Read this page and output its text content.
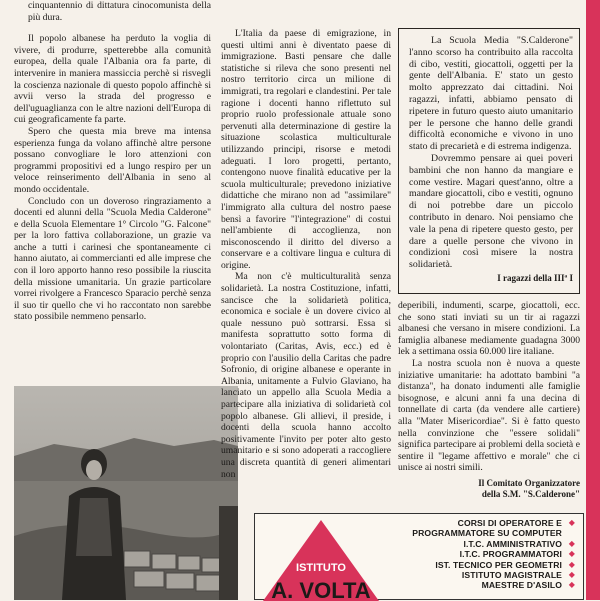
cinquantennio di dittatura cinocomunista della più dura.

Il popolo albanese ha perduto la voglia di vivere, di produrre, spetterebbe alla comunità europea, della quale l'Albania ora fa parte, di intervenire in maniera massiccia perchè si risvegli la coscienza nazionale di questo popolo affinchè si avvii verso la strada del progresso e dell'uguaglianza con le altre nazioni dell'Europa di cui geograficamente fa parte.

Spero che questa mia breve ma intensa esperienza funga da volano affinchè altre persone possano convogliare le loro attenzioni con programmi propositivi ed a lungo respiro per un veloce reinserimento dell'Albania in seno al mondo occidentale.

Concludo con un doveroso ringraziamento a docenti ed alunni della "Scuola Media Calderone" e della Scuola Elementare 1° Circolo "G. Falcone" per la loro fattiva collaborazione, un grazie va anche a tutti i carinesi che spontaneamente ci hanno aiutato, ai commercianti ed alle imprese che con il loro apporto hanno reso possibile la riuscita della missione umanitaria. Un grazie particolare vorrei rivolgere a Francesco Sparacio perchè senza il suo tir quello che vi ho raccontato non sarebbe stato possibile nemmeno pensarlo.

L'Italia da paese di emigrazione, in questi ultimi anni è diventato paese di immigrazione. Basti pensare che dalle statistiche si rileva che sono presenti nel nostro territorio circa un milione di immigrati, tra regolari e clandestini. Per tale ragione i docenti hanno riflettuto sul proprio ruolo professionale attuale sono pervenuti alla determinazione di gestire la situazione scolastica multiculturale utilizzando principi, risorse e metodi adeguati. I loro progetti, pertanto, contengono nuove finalità educative per la scuola multiculturale; prevedono iniziative didattiche che mirano non ad "assimilare" l'immigrato alla cultura del nostro paese bensì a favorire "l'integrazione" di costui nell'ambiente di accoglienza, non misconoscendo il diritto del diverso a conservare e a coltivare lingua e cultura di origine.

Ma non c'è multiculturalità senza solidarietà. La nostra Costituzione, infatti, sancisce che la solidarietà politica, economica e sociale è un dovere civico al quale nessuno può sottrarsi. Essa si manifesta soprattutto sotto forma di volontariato (Caritas, Avis, ecc.) ed è proprio con l'ausilio della Caritas che padre Sofronio, di origine albanese e operante in Albania, unitamente a Fulvio Glaviano, ha lanciato un appello alla Scuola Media a partecipare alla iniziativa di solidarietà col popolo albanese. Gli allievi, il preside, i docenti della scuola hanno accolto positivamente l'invito per poter alto gesto umanitario e si sono adoperati a raccogliere una discreta quantità di generi alimentari non

La Scuola Media "S.Calderone" l'anno scorso ha contribuito alla raccolta di cibo, vestiti, giocattoli, oggetti per la gente dell'Albania. E' stato un gesto molto apprezzato dai cittadini. Noi ragazzi, infatti, abbiamo pensato di ripetere in futuro questo aiuto umanitario per le persone che hanno delle grandi difficoltà economiche e vivono in uno stato di precarietà e di estrema indigenza.

Dovremmo pensare ai quei poveri bambini che non hanno da mangiare e come vestire. Magari quest'anno, oltre a mandare giocattoli, cibo e vestiti, ognuno di noi potrebbe dare un piccolo contributo in denaro. Noi pensiamo che vale la pena di ripetere questo gesto, per dare a quelle persone che vivono in condizioni così misere la nostra solidarietà.

I ragazzi della IIIª I

deperibili, indumenti, scarpe, giocattoli, ecc. che sono stati inviati su un tir ai ragazzi albanesi che versano in misere condizioni. La famiglia albanese mediamente guadagna 3000 lek a settimana ossia 60.000 lire italiane.

La nostra scuola non è nuova a queste iniziative umanitarie: ha adottato bambini "a distanza", ha donato indumenti alle famiglie bisognose, e alcuni anni fa una decina di tonnellate di carta (da vendere alle cartiere) alla "Mater Misericordiae". Si è fatto questo nella convinzione che "essere solidali" significa partecipare ai problemi della società e sentire il "legame affettivo e morale" che ci unisce ai nostri simili.

Il Comitato Organizzatore

della S.M. "S.Calderone"

ISTITUTO
A. VOLTA
CORSI DI OPERATORE E ◆
PROGRAMMATORE SU COMPUTER
I.T.C. AMMINISTRATIVO ◆
I.T.C. PROGRAMMATORI ◆
IST. TECNICO PER GEOMETRI ◆
ISTITUTO MAGISTRALE ◆
MAESTRE D'ASILO ◆
